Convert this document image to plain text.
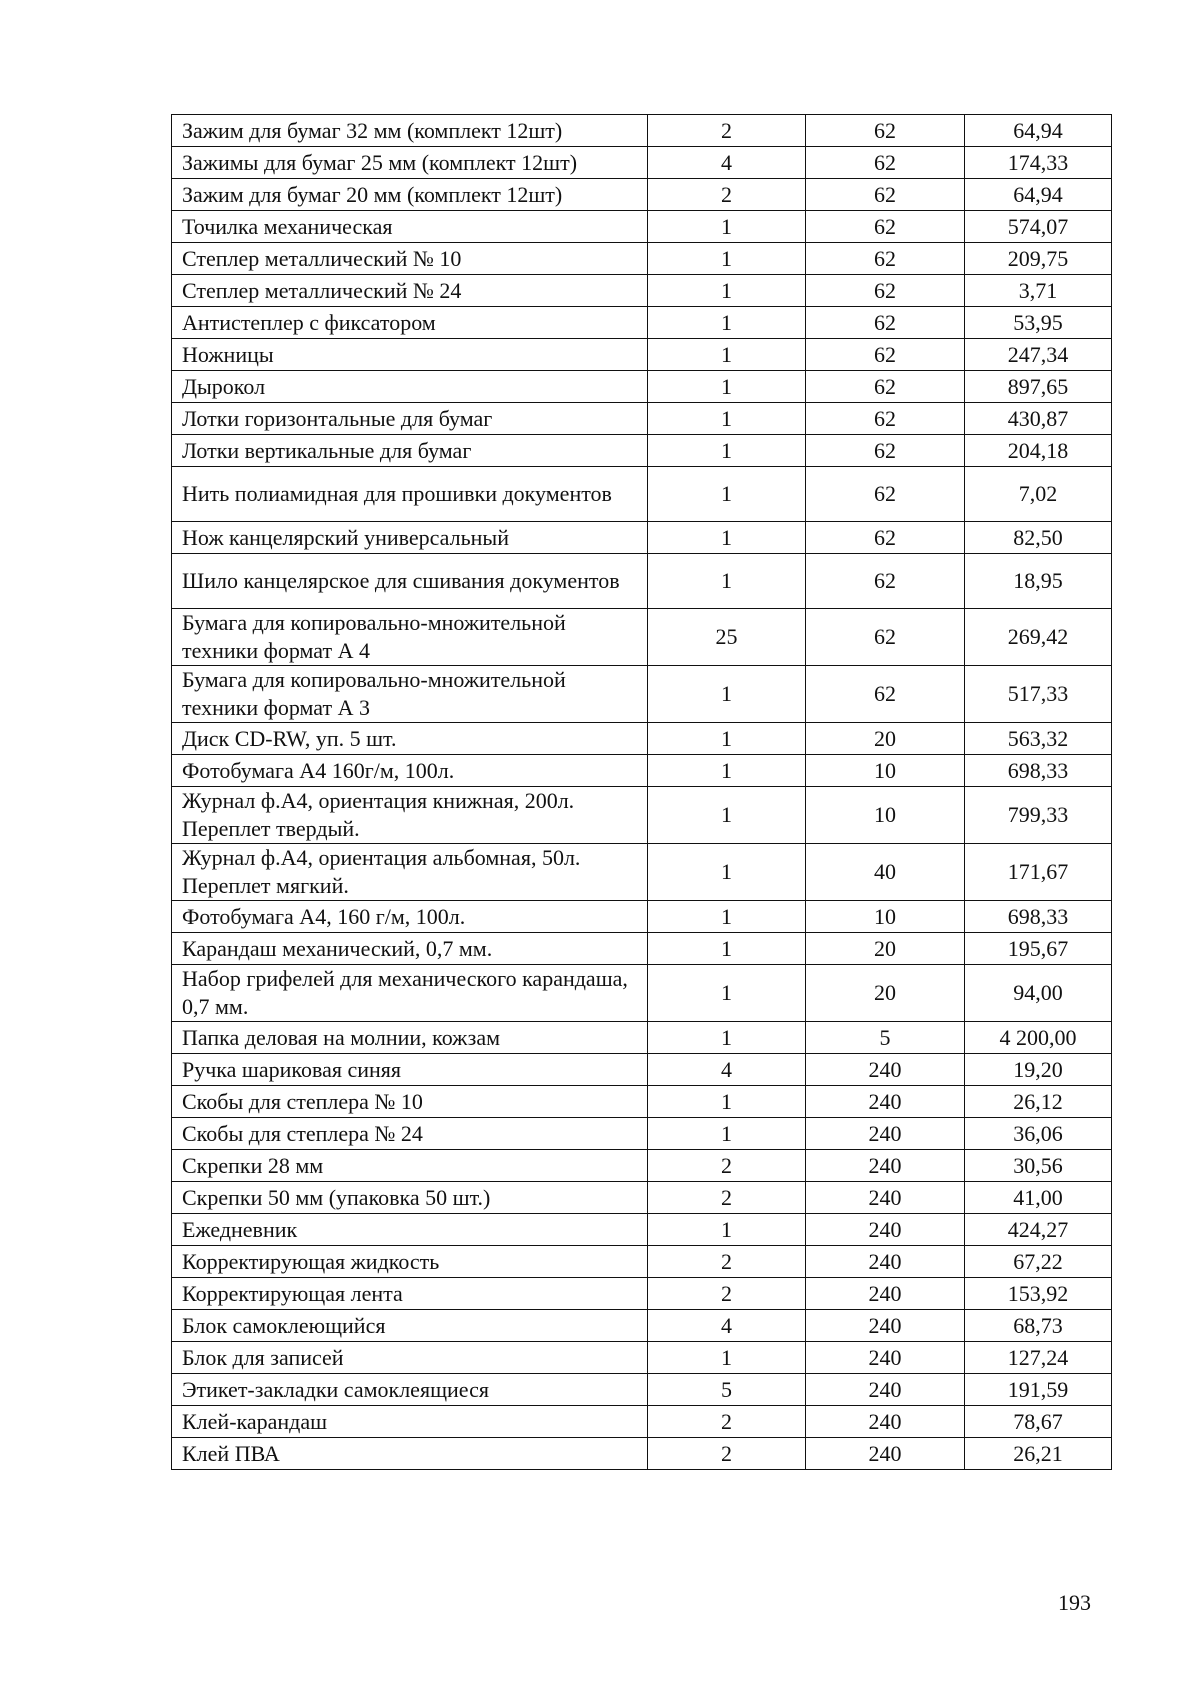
Зажим для бумаг 32 мм (комплект 12шт)	2	62	64,94

Зажимы для бумаг 25 мм (комплект 12шт)	4	62	174,33

Зажим для бумаг 20 мм (комплект 12шт)	2	62	64,94

Точилка механическая	1	62	574,07

Степлер металлический № 10	1	62	209,75

Степлер металлический № 24	1	62	3,71

Антистеплер с фиксатором	1	62	53,95

Ножницы	1	62	247,34

Дырокол	1	62	897,65

Лотки горизонтальные для бумаг	1	62	430,87

Лотки вертикальные для бумаг	1	62	204,18

Нить полиамидная для прошивки документов	1	62	7,02

Нож канцелярский универсальный	1	62	82,50

Шило канцелярское для сшивания документов	1	62	18,95

Бумага для копировально-множительной техники формат А 4	25	62	269,42

Бумага для копировально-множительной техники формат А 3	1	62	517,33

Диск CD-RW, уп. 5 шт.	1	20	563,32

Фотобумага А4 160г/м, 100л.	1	10	698,33

Журнал ф.А4, ориентация книжная, 200л. Переплет твердый.	1	10	799,33

Журнал ф.А4, ориентация альбомная, 50л. Переплет мягкий.	1	40	171,67

Фотобумага А4, 160 г/м, 100л.	1	10	698,33

Карандаш механический, 0,7 мм.	1	20	195,67

Набор грифелей для механического карандаша, 0,7 мм.	1	20	94,00

Папка деловая на молнии, кожзам	1	5	4 200,00

Ручка шариковая синяя	4	240	19,20

Скобы для степлера № 10	1	240	26,12

Скобы для степлера № 24	1	240	36,06

Скрепки 28 мм	2	240	30,56

Скрепки 50 мм (упаковка 50 шт.)	2	240	41,00

Ежедневник	1	240	424,27

Корректирующая жидкость	2	240	67,22

Корректирующая лента	2	240	153,92

Блок самоклеющийся	4	240	68,73

Блок для записей	1	240	127,24

Этикет-закладки самоклеящиеся	5	240	191,59

Клей-карандаш	2	240	78,67

Клей ПВА	2	240	26,21
193
